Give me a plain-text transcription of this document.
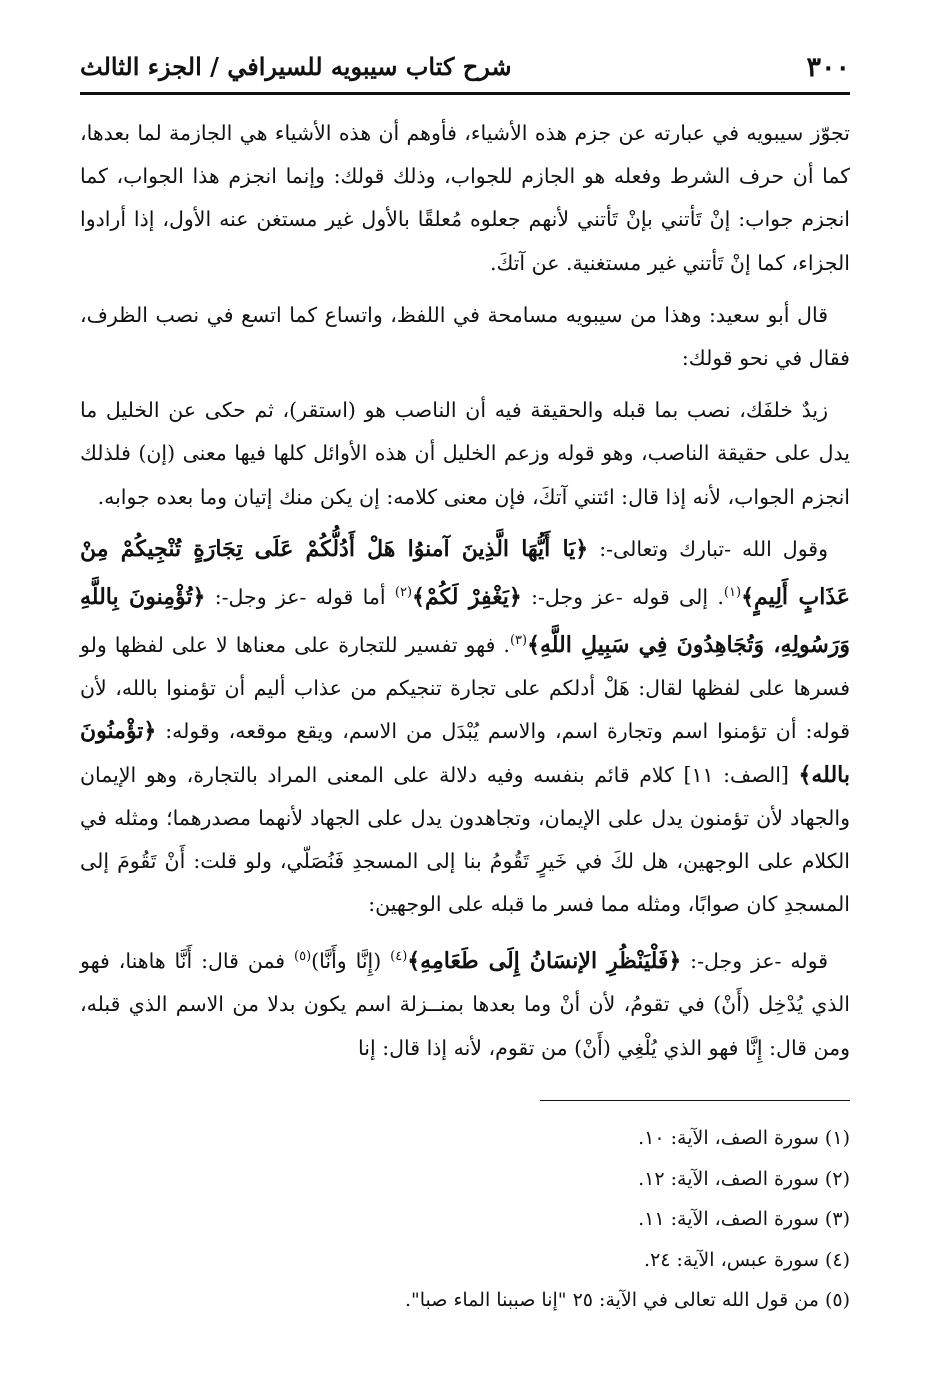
٣٠٠
شرح كتاب سيبويه للسيرافي / الجزء الثالث

تجوّز سيبويه في عبارته عن جزم هذه الأشياء، فأوهم أن هذه الأشياء هي الجازمة لما بعدها، كما أن حرف الشرط وفعله هو الجازم للجواب، وذلك قولك: وإنما انجزم هذا الجواب، كما انجزم جواب: إنْ تَأتني بإنْ تَأتني لأنهم جعلوه مُعلقًا بالأول غير مستغن عنه الأول، إذا أرادوا الجزاء، كما إنْ تَأتني غير مستغنية. عن آتكَ.

قال أبو سعيد: وهذا من سيبويه مسامحة في اللفظ، واتساع كما اتسع في نصب الظرف، فقال في نحو قولك:

زيدٌ خلفَك، نصب بما قبله والحقيقة فيه أن الناصب هو (استقر)، ثم حكى عن الخليل ما يدل على حقيقة الناصب، وهو قوله وزعم الخليل أن هذه الأوائل كلها فيها معنى (إن) فلذلك انجزم الجواب، لأنه إذا قال: ائتني آتكَ، فإن معنى كلامه: إن يكن منك إتيان وما بعده جوابه.

وقول الله -تبارك وتعالى-: ﴿يَا أَيُّهَا الَّذِينَ آمنوُا هَلْ أَدُلُّكُمْ عَلَى تِجَارَةٍ تُنْجِيكُمْ مِنْ عَذَابٍ أَلِيمٍ﴾$^{(١)}$. إلى قوله -عز وجل-: ﴿يَغْفِرْ لَكُمْ﴾$^{(٢)}$ أما قوله -عز وجل-: ﴿تُؤْمِنونَ بِاللَّهِ وَرَسُولِهِ، وَتُجَاهِدُونَ فِي سَبِيلِ اللَّهِ﴾$^{(٣)}$. فهو تفسير للتجارة على معناها لا على لفظها ولو فسرها على لفظها لقال: هَلْ أدلكم على تجارة تنجيكم من عذاب أليم أن تؤمنوا بالله، لأن قوله: أن تؤمنوا اسم وتجارة اسم، والاسم يُبْدَل من الاسم، ويقع موقعه، وقوله: ﴿تؤْمنُونَ بالله﴾ [الصف: ١١] كلام قائم بنفسه وفيه دلالة على المعنى المراد بالتجارة، وهو الإيمان والجهاد لأن تؤمنون يدل على الإيمان، وتجاهدون يدل على الجهاد لأنهما مصدرهما؛ ومثله في الكلام على الوجهين، هل لكَ في خَيرٍ تَقُومُ بنا إلى المسجدِ فَنُصَلّي، ولو قلت: أَنْ تَقُومَ إلى المسجدِ كان صوابًا، ومثله مما فسر ما قبله على الوجهين:

قوله -عز وجل-: ﴿فَلْيَنْظُرِ الإنسَانُ إِلَى طَعَامِهِ﴾$^{(٤)}$ (إِنَّا وأَنَّا)$^{(٥)}$ فمن قال: أَنَّا هاهنا، فهو الذي يُدْخِل (أَنْ) في تقومُ، لأن أنْ وما بعدها بمنــزلة اسم يكون بدلا من الاسم الذي قبله، ومن قال: إِنَّا فهو الذي يُلْغِي (أَنْ) من تقوم، لأنه إذا قال: إنا

(١) سورة الصف، الآية: ١٠.
(٢) سورة الصف، الآية: ١٢.
(٣) سورة الصف، الآية: ١١.
(٤) سورة عبس، الآية: ٢٤.
(٥) من قول الله تعالى في الآية: ٢٥ "إنا صببنا الماء صبا".
